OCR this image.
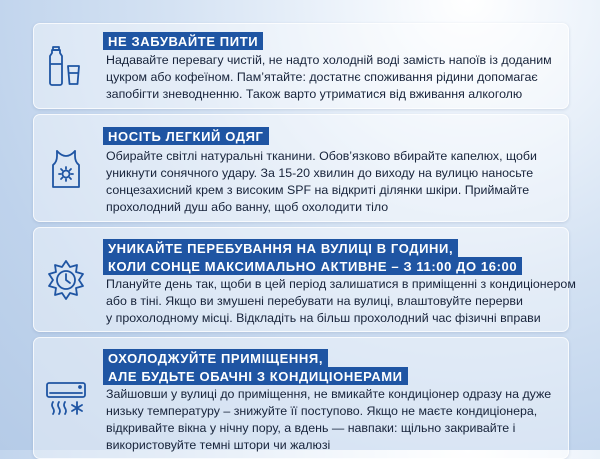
НЕ ЗАБУВАЙТЕ ПИТИ
Надавайте перевагу чистій, не надто холодній воді замість напоїв із доданим
цукром або кофеїном. Пам’ятайте: достатнє споживання рідини допомагає
запобігти зневодненню. Також варто утриматися від вживання алкоголю
НОСІТЬ ЛЕГКИЙ ОДЯГ
Обирайте світлі натуральні тканини. Обов’язково вбирайте капелюх, щоби
уникнути сонячного удару. За 15-20 хвилин до виходу на вулицю наносьте
сонцезахисний крем з високим SPF на відкриті ділянки шкіри. Приймайте
прохолодний душ або ванну, щоб охолодити тіло
УНИКАЙТЕ ПЕРЕБУВАННЯ НА ВУЛИЦІ В ГОДИНИ,
КОЛИ СОНЦЕ МАКСИМАЛЬНО АКТИВНЕ – З 11:00 ДО 16:00
Плануйте день так, щоби в цей період залишатися в приміщенні з кондиціонером
або в тіні. Якщо ви змушені перебувати на вулиці, влаштовуйте перерви
у прохолодному місці. Відкладіть на більш прохолодний час фізичні вправи
ОХОЛОДЖУЙТЕ ПРИМІЩЕННЯ,
АЛЕ БУДЬТЕ ОБАЧНІ З КОНДИЦІОНЕРАМИ
Зайшовши у вулиці до приміщення, не вмикайте кондиціонер одразу на дуже
низьку температуру – знижуйте її поступово. Якщо не маєте кондиціонера,
відкривайте вікна у нічну пору, а вдень — навпаки: щільно закривайте і
використовуйте темні штори чи жалюзі
